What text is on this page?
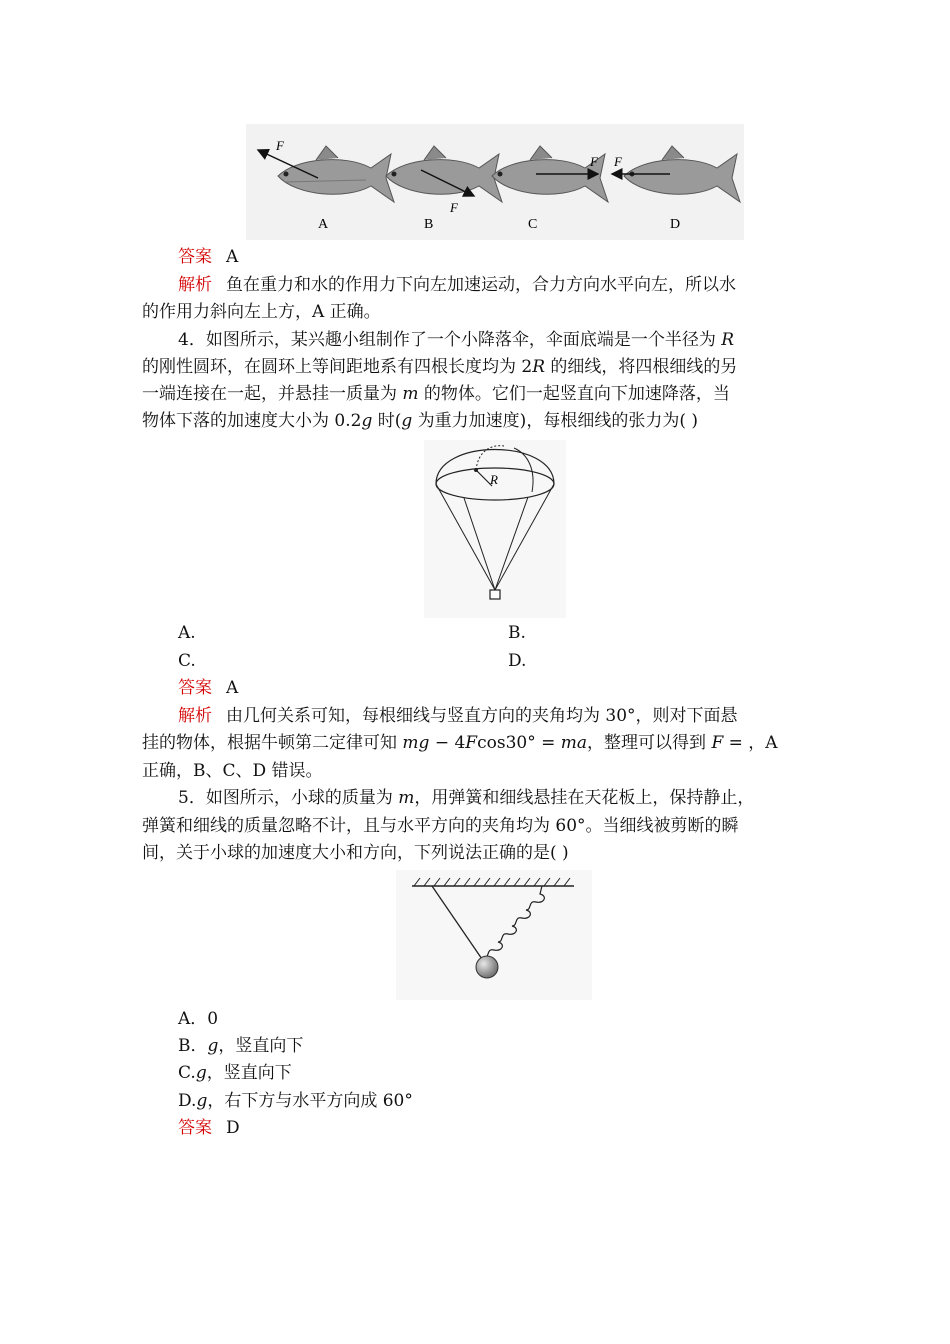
F
A
F
B
F
C
F
D
答案 A
解析 鱼在重力和水的作用力下向左加速运动，合力方向水平向左，所以水
的作用力斜向左上方，A 正确。
4．如图所示，某兴趣小组制作了一个小降落伞，伞面底端是一个半径为 R
的刚性圆环，在圆环上等间距地系有四根长度均为 2R 的细线，将四根细线的另
一端连接在一起，并悬挂一质量为 m 的物体。它们一起竖直向下加速降落，当
物体下落的加速度大小为 0.2g 时(g 为重力加速度)，每根细线的张力为( )
R
A.	B.
C.	D.
答案 A
解析 由几何关系可知，每根细线与竖直方向的夹角均为 30°，则对下面悬
挂的物体，根据牛顿第二定律可知 mg − 4Fcos30° = ma，整理可以得到 F = ，A
正确，B、C、D 错误。
5．如图所示，小球的质量为 m，用弹簧和细线悬挂在天花板上，保持静止，
弹簧和细线的质量忽略不计，且与水平方向的夹角均为 60°。当细线被剪断的瞬
间，关于小球的加速度大小和方向，下列说法正确的是( )
A．0
B．g，竖直向下
C.g，竖直向下
D.g，右下方与水平方向成 60°
答案 D
